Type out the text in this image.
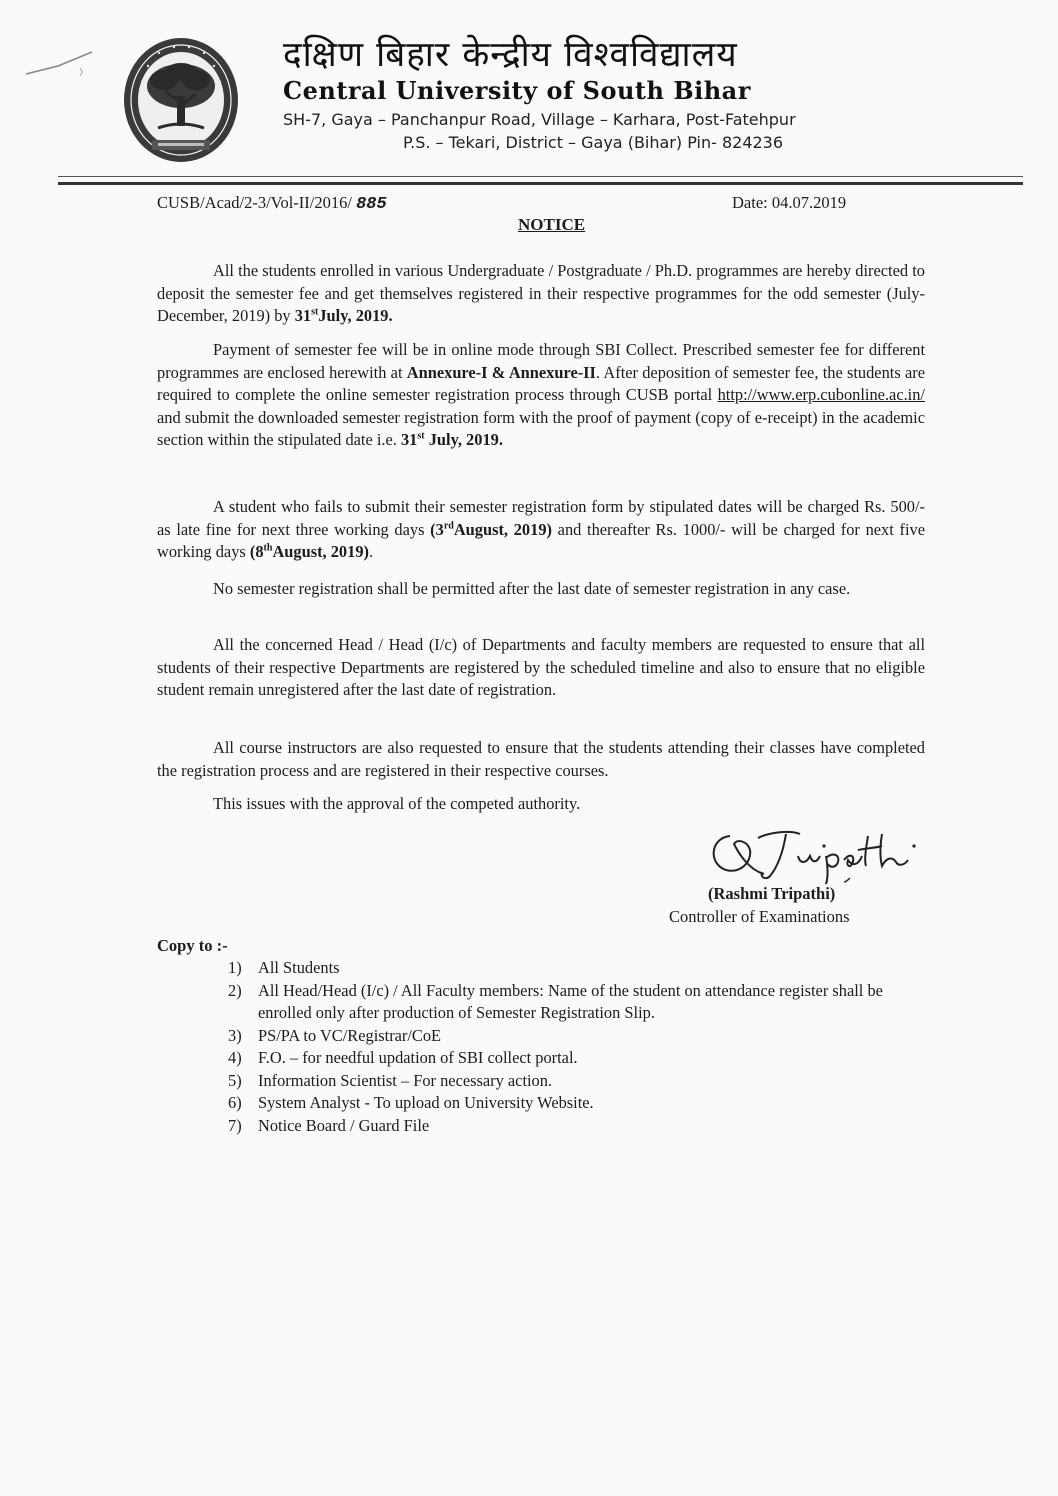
दक्षिण बिहार केन्द्रीय विश्वविद्यालय
Central University of South Bihar
SH-7, Gaya – Panchanpur Road, Village – Karhara, Post-Fatehpur
P.S. – Tekari, District – Gaya (Bihar) Pin- 824236
CUSB/Acad/2-3/Vol-II/2016/ 885	Date: 04.07.2019
NOTICE

All the students enrolled in various Undergraduate / Postgraduate / Ph.D. programmes are hereby directed to deposit the semester fee and get themselves registered in their respective programmes for the odd semester (July-December, 2019) by 31stJuly, 2019.

Payment of semester fee will be in online mode through SBI Collect. Prescribed semester fee for different programmes are enclosed herewith at Annexure-I & Annexure-II. After deposition of semester fee, the students are required to complete the online semester registration process through CUSB portal http://www.erp.cubonline.ac.in/ and submit the downloaded semester registration form with the proof of payment (copy of e-receipt) in the academic section within the stipulated date i.e. 31st July, 2019.

A student who fails to submit their semester registration form by stipulated dates will be charged Rs. 500/- as late fine for next three working days (3rdAugust, 2019) and thereafter Rs. 1000/- will be charged for next five working days (8thAugust, 2019).

No semester registration shall be permitted after the last date of semester registration in any case.

All the concerned Head / Head (I/c) of Departments and faculty members are requested to ensure that all students of their respective Departments are registered by the scheduled timeline and also to ensure that no eligible student remain unregistered after the last date of registration.

All course instructors are also requested to ensure that the students attending their classes have completed the registration process and are registered in their respective courses.

This issues with the approval of the competed authority.

(Rashmi Tripathi)
Controller of Examinations
Copy to :-
1) All Students
2) All Head/Head (I/c) / All Faculty members: Name of the student on attendance register shall be enrolled only after production of Semester Registration Slip.
3) PS/PA to VC/Registrar/CoE
4) F.O. – for needful updation of SBI collect portal.
5) Information Scientist – For necessary action.
6) System Analyst - To upload on University Website.
7) Notice Board / Guard File
